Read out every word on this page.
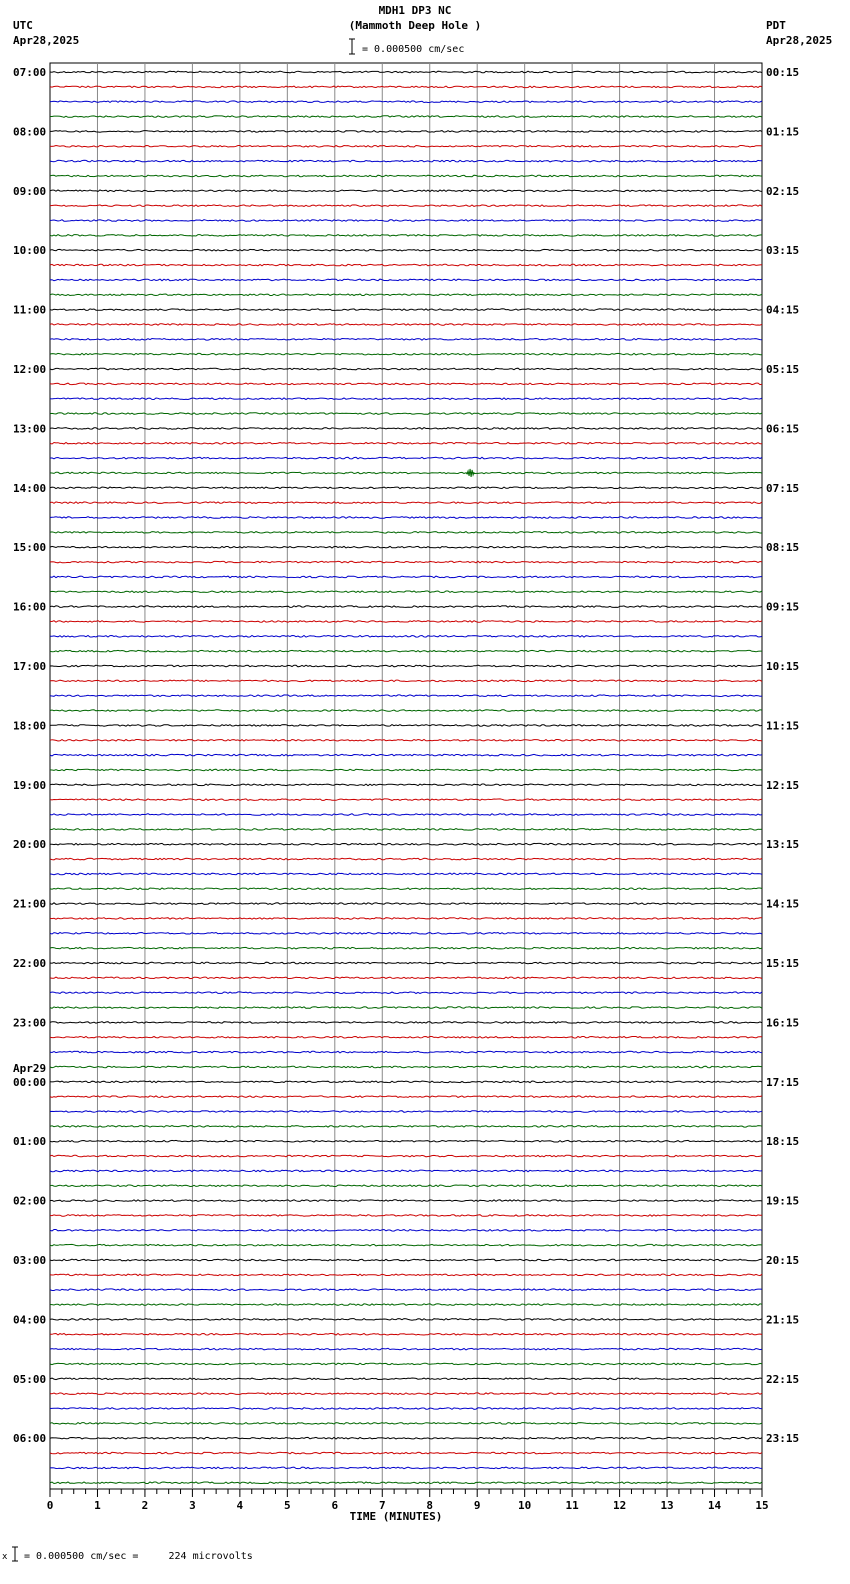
MDH1 DP3 NC
(Mammoth Deep Hole )
UTC
Apr28,2025
PDT
Apr28,2025
= 0.000500 cm/sec
07:00	00:15
08:00	01:15
09:00	02:15
10:00	03:15
11:00	04:15
12:00	05:15
13:00	06:15
14:00	07:15
15:00	08:15
16:00	09:15
17:00	10:15
18:00	11:15
19:00	12:15
20:00	13:15
21:00	14:15
22:00	15:15
23:00	16:15
00:00	17:15
01:00	18:15
02:00	19:15
03:00	20:15
04:00	21:15
05:00	22:15
06:00	23:15
Apr29
0	1	2	3	4	5	6	7	8	9	10	11	12	13	14	15
TIME (MINUTES)
x = 0.000500 cm/sec =     224 microvolts
